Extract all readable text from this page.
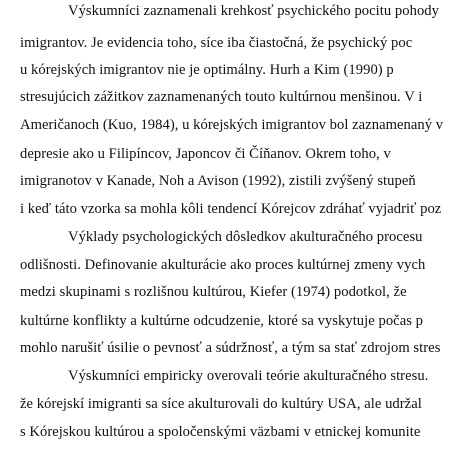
Výskumníci zaznamenali krehkosť psychického pocitu pohody
imigrantov. Je evidencia toho, síce iba čiastočná, že psychický poc
u kórejských imigrantov nie je optimálny. Hurh a Kim (1990) p
stresujúcich zážitkov zaznamenaných touto kultúrnou menšinou. V i
Američanoch (Kuo, 1984), u kórejských imigrantov bol zaznamenaný v
depresie ako u Filipíncov, Japoncov či Číňanov. Okrem toho, v
imigranotov v Kanade, Noh a Avison (1992), zistili zvýšený stupeň
i keď táto vzorka sa mohla kôli tendencí Kórejcov zdráhať vyjadriť poz
Výklady psychologických dôsledkov akulturačného procesu
odlišnosti. Definovanie akulturácie ako proces kultúrnej zmeny vych
medzi skupinami s rozlišnou kultúrou, Kiefer (1974) podotkol, že
kultúrne konflikty a kultúrne odcudzenie, ktoré sa vyskytuje počas p
mohlo narušiť úsilie o pevnosť a súdržnosť, a tým sa stať zdrojom stres
Výskumníci empiricky overovali teórie akulturačného stresu.
že kórejskí imigranti sa síce akulturovali do kultúry USA, ale udržal
s Kórejskou kultúrou a spoločenskými väzbami v etnickej komunite
